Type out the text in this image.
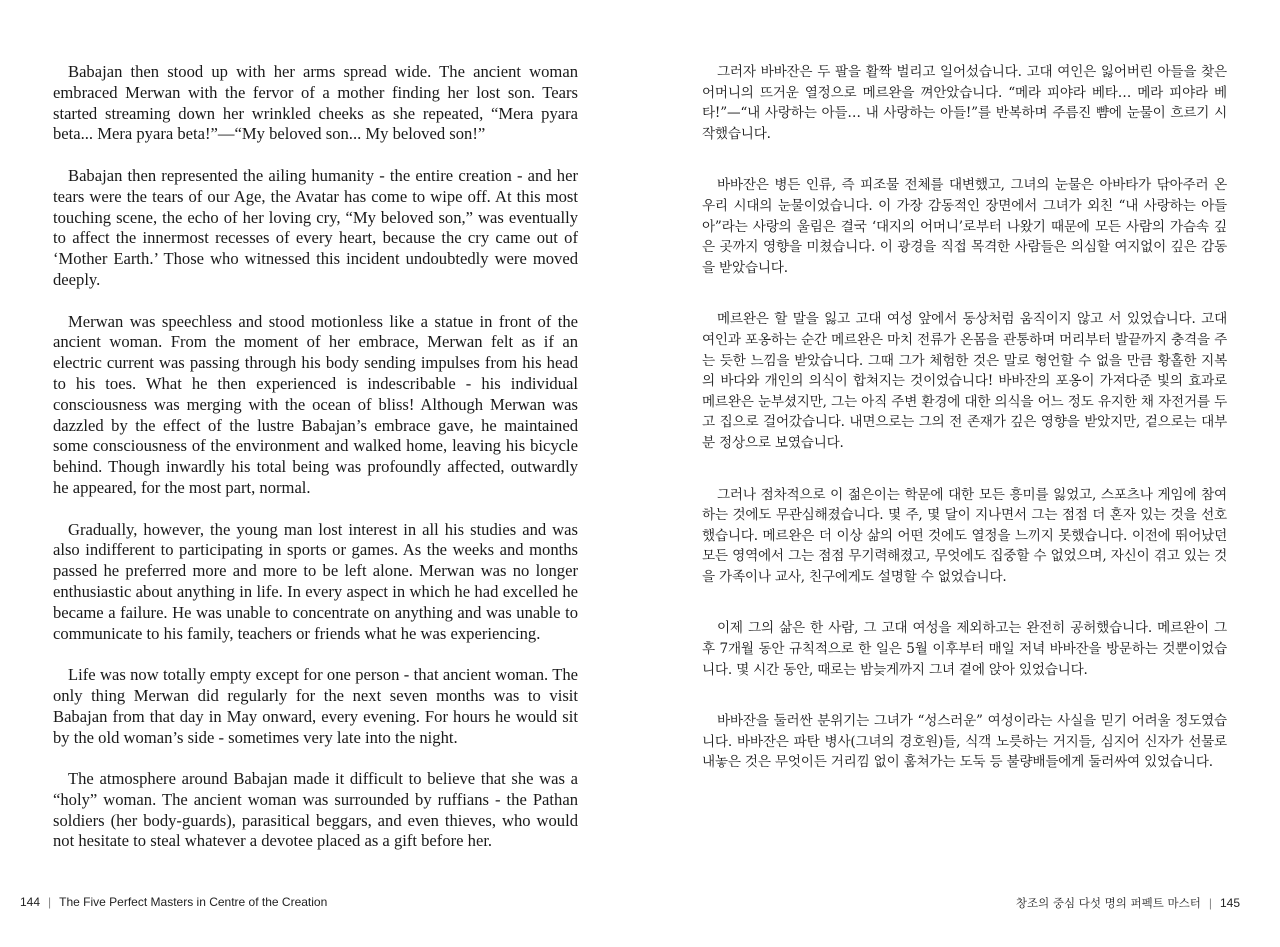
Babajan then stood up with her arms spread wide. The ancient woman embraced Merwan with the fervor of a mother finding her lost son. Tears started streaming down her wrinkled cheeks as she repeated, “Mera pyara beta... Mera pyara beta!”—“My beloved son... My beloved son!”

Babajan then represented the ailing humanity - the entire creation - and her tears were the tears of our Age, the Avatar has come to wipe off. At this most touching scene, the echo of her loving cry, “My beloved son,” was eventually to affect the innermost recesses of every heart, because the cry came out of ‘Mother Earth.’ Those who witnessed this incident undoubtedly were moved deeply.

Merwan was speechless and stood motionless like a statue in front of the ancient woman. From the moment of her embrace, Merwan felt as if an electric current was passing through his body sending impulses from his head to his toes. What he then experienced is indescribable - his individual consciousness was merging with the ocean of bliss! Although Merwan was dazzled by the effect of the lustre Babajan’s embrace gave, he maintained some consciousness of the environment and walked home, leaving his bicycle behind. Though inwardly his total being was profoundly affected, outwardly he appeared, for the most part, normal.

Gradually, however, the young man lost interest in all his studies and was also indifferent to participating in sports or games. As the weeks and months passed he preferred more and more to be left alone. Merwan was no longer enthusiastic about anything in life. In every aspect in which he had excelled he became a failure. He was unable to concentrate on anything and was unable to communicate to his family, teachers or friends what he was experiencing.

Life was now totally empty except for one person - that ancient woman. The only thing Merwan did regularly for the next seven months was to visit Babajan from that day in May onward, every evening. For hours he would sit by the old woman’s side - sometimes very late into the night.

The atmosphere around Babajan made it difficult to believe that she was a “holy” woman. The ancient woman was surrounded by ruffians - the Pathan soldiers (her body-guards), parasitical beggars, and even thieves, who would not hesitate to steal whatever a devotee placed as a gift before her.

144 | The Five Perfect Masters in Centre of the Creation

그러자 바바잔은 두 팔을 활짝 벌리고 일어섰습니다. 고대 여인은 잃어버린 아들을 찾은 어머니의 뜨거운 열정으로 메르완을 껴안았습니다. “메라 피야라 베타… 메라 피야라 베타!”—“내 사랑하는 아들… 내 사랑하는 아들!”를 반복하며 주름진 뺨에 눈물이 흐르기 시작했습니다.

바바잔은 병든 인류, 즉 피조물 전체를 대변했고, 그녀의 눈물은 아바타가 닦아주러 온 우리 시대의 눈물이었습니다. 이 가장 감동적인 장면에서 그녀가 외친 “내 사랑하는 아들아”라는 사랑의 울림은 결국 ‘대지의 어머니’로부터 나왔기 때문에 모든 사람의 가슴속 깊은 곳까지 영향을 미쳤습니다. 이 광경을 직접 목격한 사람들은 의심할 여지없이 깊은 감동을 받았습니다.

메르완은 할 말을 잃고 고대 여성 앞에서 동상처럼 움직이지 않고 서 있었습니다. 고대 여인과 포옹하는 순간 메르완은 마치 전류가 온몸을 관통하며 머리부터 발끝까지 충격을 주는 듯한 느낌을 받았습니다. 그때 그가 체험한 것은 말로 형언할 수 없을 만큼 황홀한 지복의 바다와 개인의 의식이 합쳐지는 것이었습니다! 바바잔의 포옹이 가져다준 빛의 효과로 메르완은 눈부셨지만, 그는 아직 주변 환경에 대한 의식을 어느 정도 유지한 채 자전거를 두고 집으로 걸어갔습니다. 내면으로는 그의 전 존재가 깊은 영향을 받았지만, 겉으로는 대부분 정상으로 보였습니다.

그러나 점차적으로 이 젊은이는 학문에 대한 모든 흥미를 잃었고, 스포츠나 게임에 참여하는 것에도 무관심해졌습니다. 몇 주, 몇 달이 지나면서 그는 점점 더 혼자 있는 것을 선호했습니다. 메르완은 더 이상 삶의 어떤 것에도 열정을 느끼지 못했습니다. 이전에 뛰어났던 모든 영역에서 그는 점점 무기력해졌고, 무엇에도 집중할 수 없었으며, 자신이 겪고 있는 것을 가족이나 교사, 친구에게도 설명할 수 없었습니다.

이제 그의 삶은 한 사람, 그 고대 여성을 제외하고는 완전히 공허했습니다. 메르완이 그 후 7개월 동안 규칙적으로 한 일은 5월 이후부터 매일 저녁 바바잔을 방문하는 것뿐이었습니다. 몇 시간 동안, 때로는 밤늦게까지 그녀 곁에 앉아 있었습니다.

바바잔을 둘러싼 분위기는 그녀가 “성스러운” 여성이라는 사실을 믿기 어려울 정도였습니다. 바바잔은 파탄 병사(그녀의 경호원)들, 식객 노릇하는 거지들, 심지어 신자가 선물로 내놓은 것은 무엇이든 거리낌 없이 훔쳐가는 도둑 등 불량배들에게 둘러싸여 있었습니다.

창조의 중심 다섯 명의 퍼펙트 마스터 | 145
